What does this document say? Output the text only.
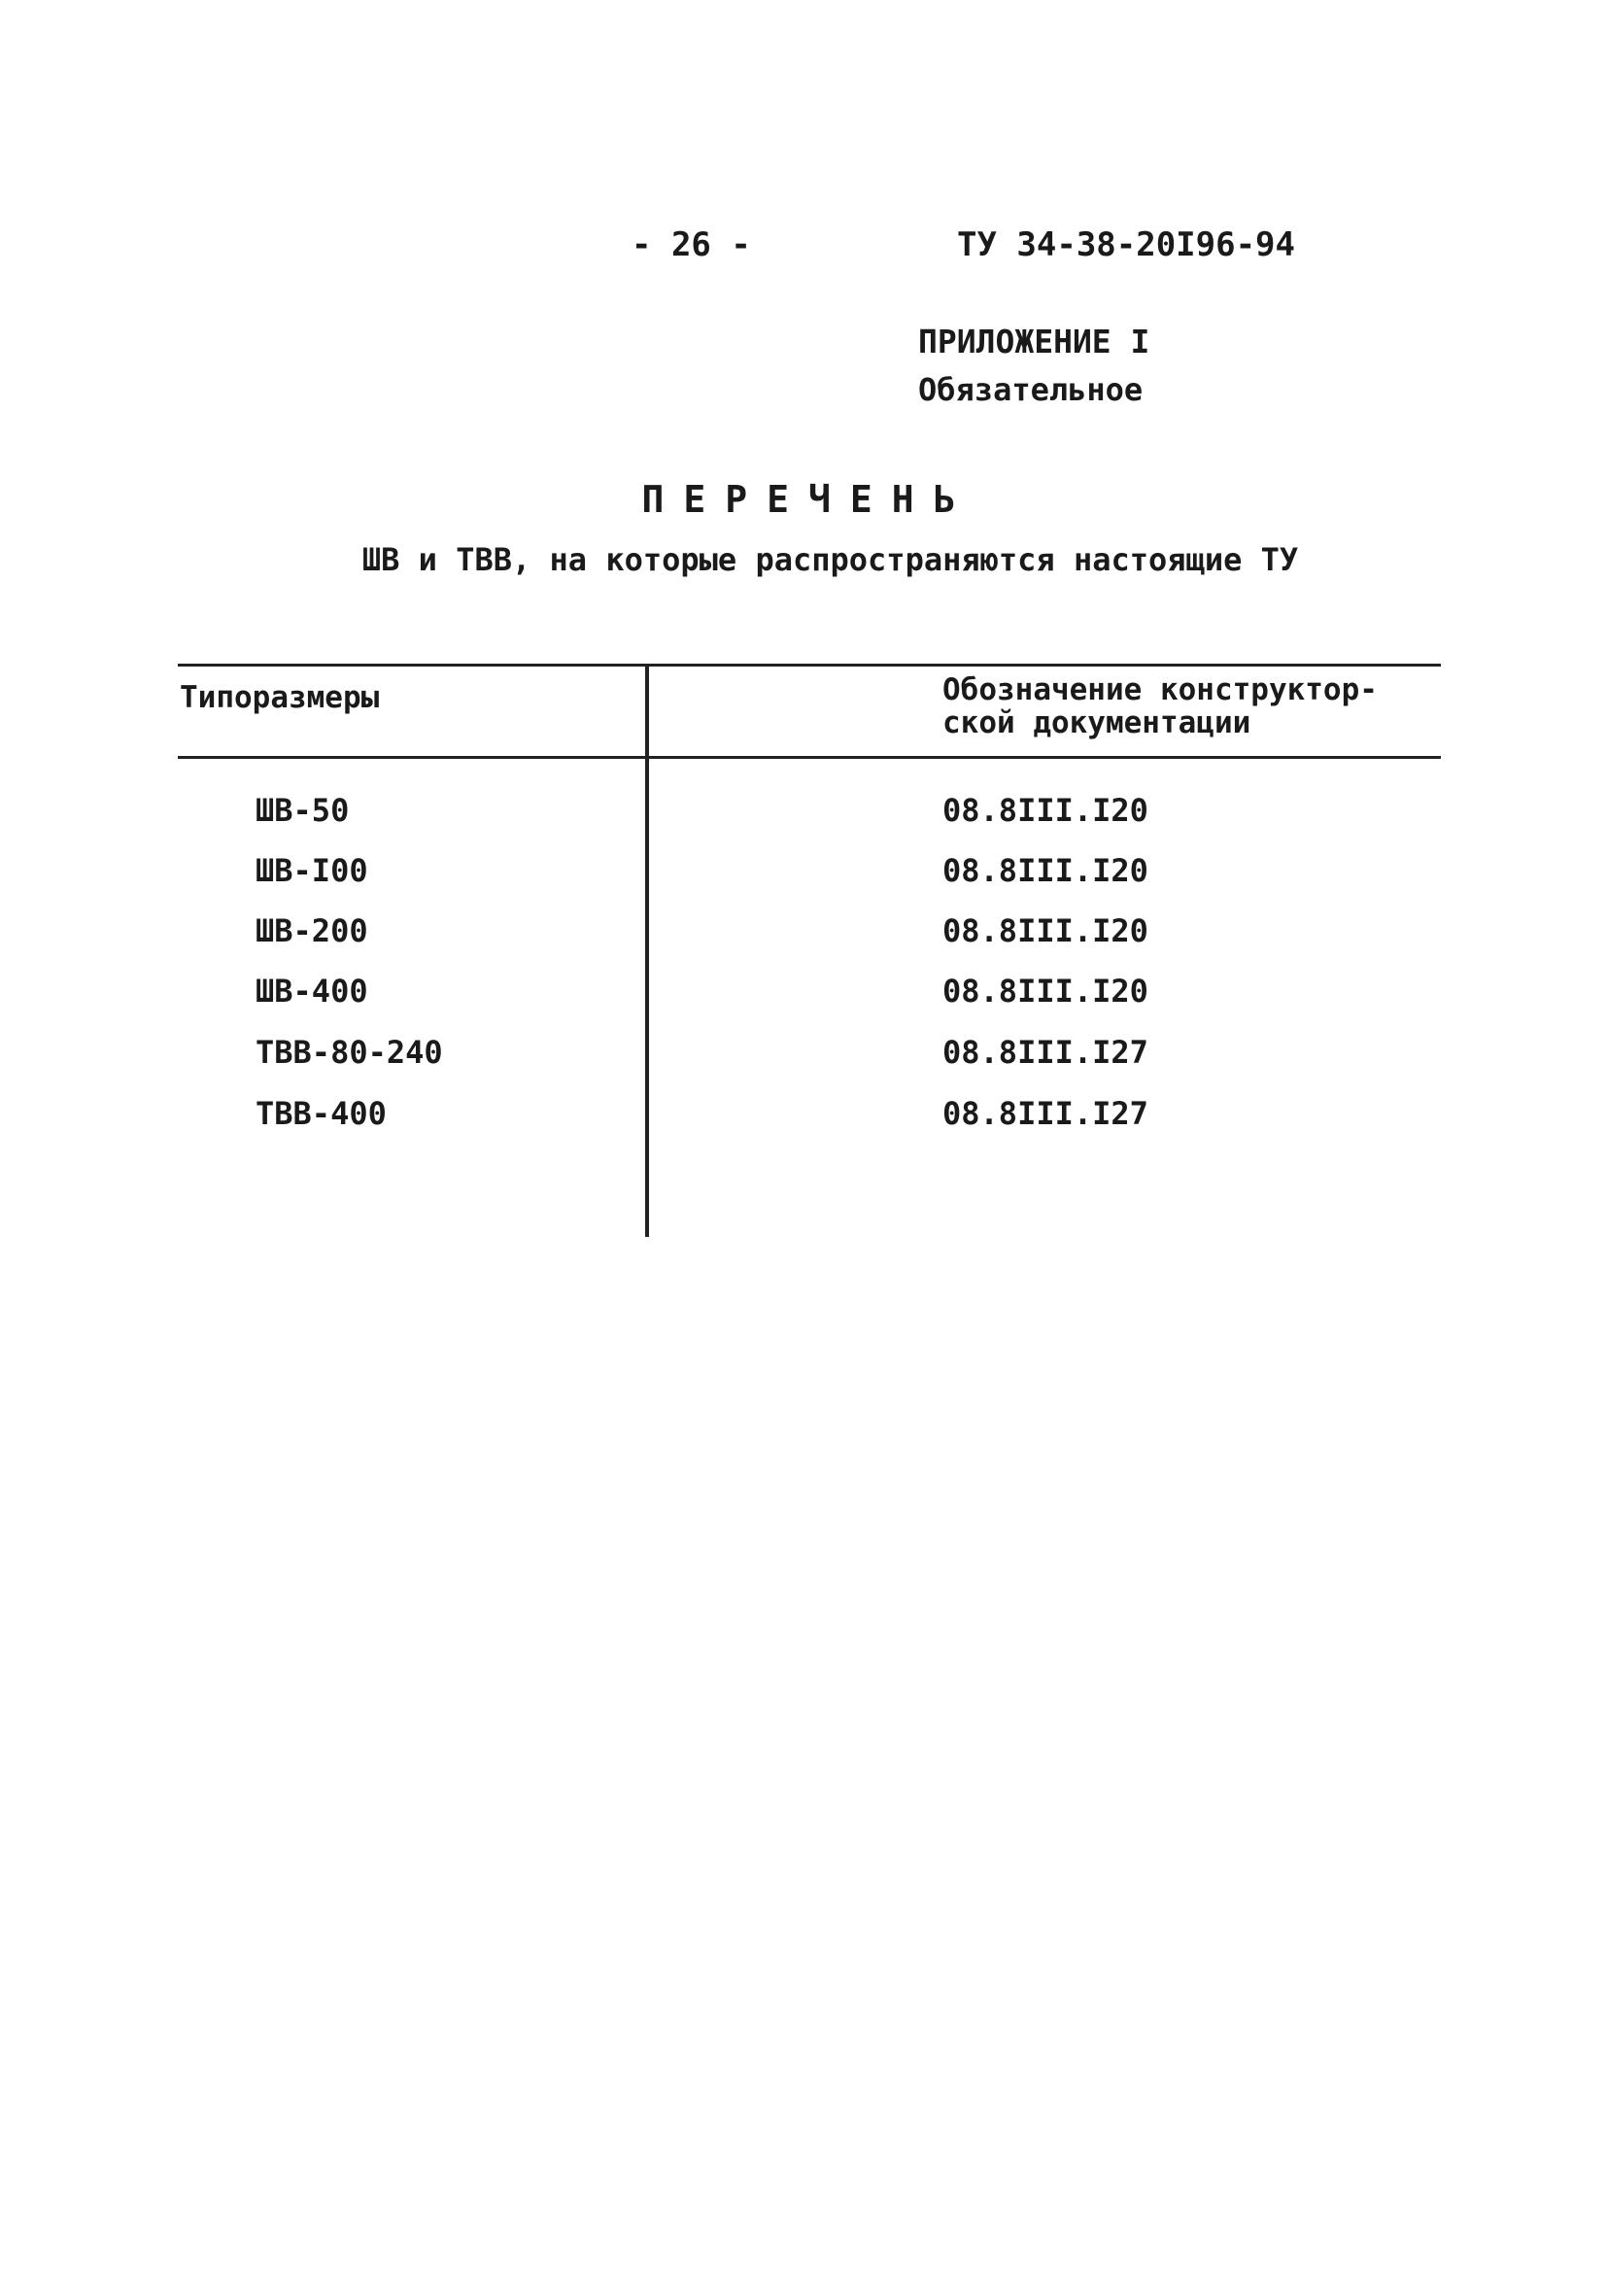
- 26 -	ТУ 34-38-20I96-94
ПРИЛОЖЕНИЕ I
Обязательное
ПЕРЕЧЕНЬ
ШВ и ТВВ, на которые распространяются настоящие ТУ
Типоразмеры	Обозначение конструктор-
ской документации
ШВ-50	08.8III.I20
ШВ-I00	08.8III.I20
ШВ-200	08.8III.I20
ШВ-400	08.8III.I20
ТВВ-80-240	08.8III.I27
ТВВ-400	08.8III.I27
